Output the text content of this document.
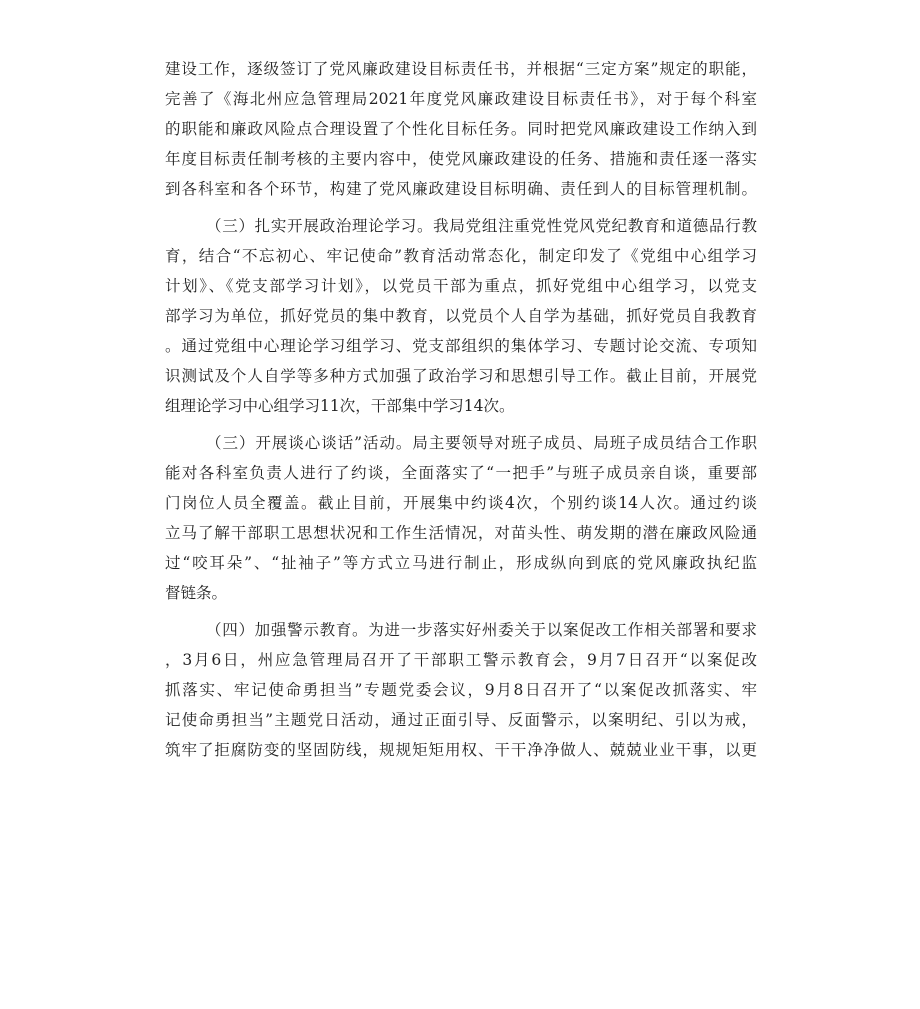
建设工作，逐级签订了党风廉政建设目标责任书，并根据“三定方案”规定的职能，
完善了《海北州应急管理局2021年度党风廉政建设目标责任书》，对于每个科室
的职能和廉政风险点合理设置了个性化目标任务。同时把党风廉政建设工作纳入到
年度目标责任制考核的主要内容中，使党风廉政建设的任务、措施和责任逐一落实
到各科室和各个环节，构建了党风廉政建设目标明确、责任到人的目标管理机制。
（三）扎实开展政治理论学习。我局党组注重党性党风党纪教育和道德品行教
育，结合“不忘初心、牢记使命”教育活动常态化，制定印发了《党组中心组学习
计划》、《党支部学习计划》，以党员干部为重点，抓好党组中心组学习，以党支
部学习为单位，抓好党员的集中教育，以党员个人自学为基础，抓好党员自我教育
。通过党组中心理论学习组学习、党支部组织的集体学习、专题讨论交流、专项知
识测试及个人自学等多种方式加强了政治学习和思想引导工作。截止目前，开展党
组理论学习中心组学习11次，干部集中学习14次。
（三）开展谈心谈话”活动。局主要领导对班子成员、局班子成员结合工作职
能对各科室负责人进行了约谈，全面落实了“一把手”与班子成员亲自谈，重要部
门岗位人员全覆盖。截止目前，开展集中约谈4次，个别约谈14人次。通过约谈
立马了解干部职工思想状况和工作生活情况，对苗头性、萌发期的潜在廉政风险通
过“咬耳朵”、“扯袖子”等方式立马进行制止，形成纵向到底的党风廉政执纪监
督链条。
（四）加强警示教育。为进一步落实好州委关于以案促改工作相关部署和要求
，3月6日，州应急管理局召开了干部职工警示教育会，9月7日召开“以案促改
抓落实、牢记使命勇担当”专题党委会议，9月8日召开了“以案促改抓落实、牢
记使命勇担当”主题党日活动，通过正面引导、反面警示，以案明纪、引以为戒，
筑牢了拒腐防变的坚固防线，规规矩矩用权、干干净净做人、兢兢业业干事，以更
